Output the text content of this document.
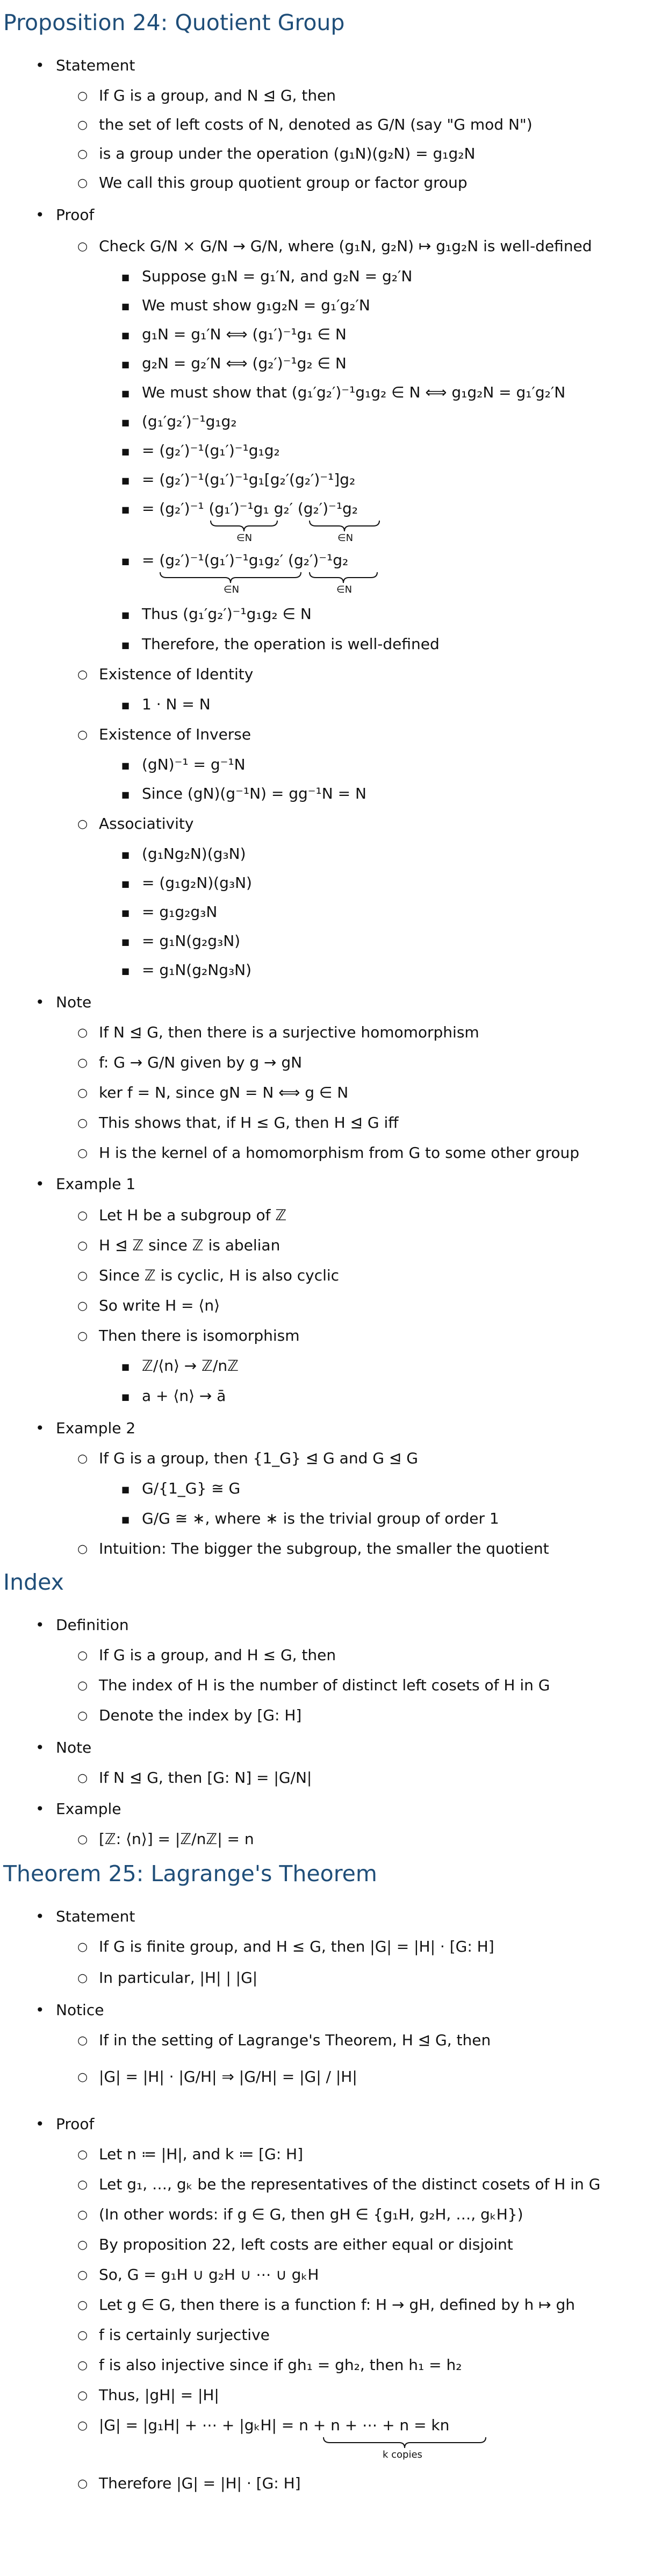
Proposition 24: Quotient Group
• Statement
○ If G is a group, and N ⊴ G, then
○ the set of left costs of N, denoted as G/N (say "G mod N")
○ is a group under the operation (g₁N)(g₂N) = g₁g₂N
○ We call this group quotient group or factor group
• Proof
○ Check G/N × G/N → G/N, where (g₁N, g₂N) ↦ g₁g₂N is well-defined
■ Suppose g₁N = g₁′N, and g₂N = g₂′N
■ We must show g₁g₂N = g₁′g₂′N
■ g₁N = g₁′N ⟺ (g₁′)⁻¹g₁ ∈ N
■ g₂N = g₂′N ⟺ (g₂′)⁻¹g₂ ∈ N
■ We must show that (g₁′g₂′)⁻¹g₁g₂ ∈ N ⟺ g₁g₂N = g₁′g₂′N
■ (g₁′g₂′)⁻¹g₁g₂
■ = (g₂′)⁻¹(g₁′)⁻¹g₁g₂
■ = (g₂′)⁻¹(g₁′)⁻¹g₁[g₂′(g₂′)⁻¹]g₂
■ = (g₂′)⁻¹ (g₁′)⁻¹g₁ g₂′ (g₂′)⁻¹g₂
∈N	∈N
■ = (g₂′)⁻¹(g₁′)⁻¹g₁g₂′ (g₂′)⁻¹g₂
∈N	∈N
■ Thus (g₁′g₂′)⁻¹g₁g₂ ∈ N
■ Therefore, the operation is well-defined
○ Existence of Identity
■ 1 · N = N
○ Existence of Inverse
■ (gN)⁻¹ = g⁻¹N
■ Since (gN)(g⁻¹N) = gg⁻¹N = N
○ Associativity
■ (g₁Ng₂N)(g₃N)
■ = (g₁g₂N)(g₃N)
■ = g₁g₂g₃N
■ = g₁N(g₂g₃N)
■ = g₁N(g₂Ng₃N)
• Note
○ If N ⊴ G, then there is a surjective homomorphism
○ f: G → G/N given by g → gN
○ ker f = N, since gN = N ⟺ g ∈ N
○ This shows that, if H ≤ G, then H ⊴ G iff
○ H is the kernel of a homomorphism from G to some other group
• Example 1
○ Let H be a subgroup of ℤ
○ H ⊴ ℤ since ℤ is abelian
○ Since ℤ is cyclic, H is also cyclic
○ So write H = ⟨n⟩
○ Then there is isomorphism
■ ℤ/⟨n⟩ → ℤ/nℤ
■ a + ⟨n⟩ → ā
• Example 2
○ If G is a group, then {1_G} ⊴ G and G ⊴ G
■ G/{1_G} ≅ G
■ G/G ≅ ∗, where ∗ is the trivial group of order 1
○ Intuition: The bigger the subgroup, the smaller the quotient
Index
• Definition
○ If G is a group, and H ≤ G, then
○ The index of H is the number of distinct left cosets of H in G
○ Denote the index by [G: H]
• Note
○ If N ⊴ G, then [G: N] = |G/N|
• Example
○ [ℤ: ⟨n⟩] = |ℤ/nℤ| = n
Theorem 25: Lagrange's Theorem
• Statement
○ If G is finite group, and H ≤ G, then |G| = |H| · [G: H]
○ In particular, |H| | |G|
• Notice
○ If in the setting of Lagrange's Theorem, H ⊴ G, then
○ |G| = |H| · |G/H| ⇒ |G/H| = |G| / |H|
• Proof
○ Let n ≔ |H|, and k ≔ [G: H]
○ Let g₁, …, gₖ be the representatives of the distinct cosets of H in G
○ (In other words: if g ∈ G, then gH ∈ {g₁H, g₂H, …, gₖH})
○ By proposition 22, left costs are either equal or disjoint
○ So, G = g₁H ∪ g₂H ∪ ⋯ ∪ gₖH
○ Let g ∈ G, then there is a function f: H → gH, defined by h ↦ gh
○ f is certainly surjective
○ f is also injective since if gh₁ = gh₂, then h₁ = h₂
○ Thus, |gH| = |H|
○ |G| = |g₁H| + ⋯ + |gₖH| = n + n + ⋯ + n = kn
k copies
○ Therefore |G| = |H| · [G: H]
